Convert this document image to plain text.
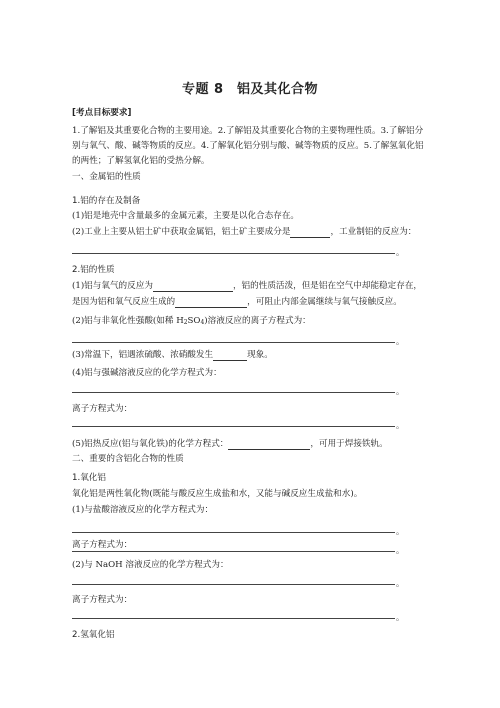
专题 8　铝及其化合物
[考点目标要求]
1.了解铝及其重要化合物的主要用途。2.了解铝及其重要化合物的主要物理性质。3.了解铝分
别与氧气、酸、碱等物质的反应。4.了解氧化铝分别与酸、碱等物质的反应。5.了解氢氧化铝
的两性；了解氢氧化铝的受热分解。
一、金属铝的性质
1.铝的存在及制备
(1)铝是地壳中含量最多的金属元素，主要是以化合态存在。
(2)工业上主要从铝土矿中获取金属铝，铝土矿主要成分是	，工业制铝的反应为：
。
2.铝的性质
(1)铝与氧气的反应为	，铝的性质活泼，但是铝在空气中却能稳定存在，
是因为铝和氧气反应生成的	，可阻止内部金属继续与氧气接触反应。
(2)铝与非氧化性强酸(如稀 $H_2SO_4$)溶液反应的离子方程式为：
。
(3)常温下，铝遇浓硫酸、浓硝酸发生	现象。
(4)铝与强碱溶液反应的化学方程式为：
。
离子方程式为：
。
(5)铝热反应(铝与氧化铁)的化学方程式：	，可用于焊接铁轨。
二、重要的含铝化合物的性质
1.氧化铝
氧化铝是两性氧化物(既能与酸反应生成盐和水，又能与碱反应生成盐和水)。
(1)与盐酸溶液反应的化学方程式为：
。
离子方程式为：
。
(2)与 NaOH 溶液反应的化学方程式为：
。
离子方程式为：
。
2.氢氧化铝
